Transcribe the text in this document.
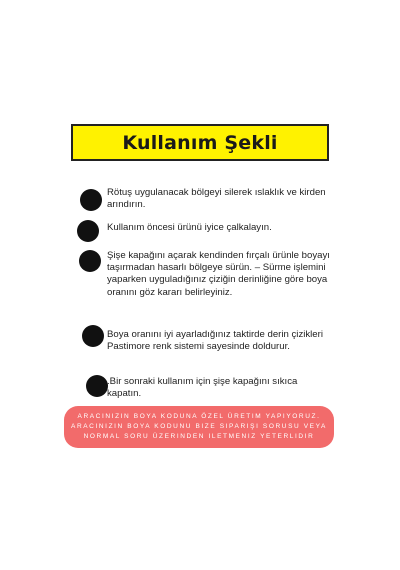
Kullanım Şekli
Rötuş uygulanacak bölgeyi silerek ıslaklık ve kirden arındırın.
Kullanım öncesi ürünü iyice çalkalayın.
Şişe kapağını açarak kendinden fırçalı ürünle boyayı taşırmadan hasarlı bölgeye sürün. – Sürme işlemini yaparken uyguladığınız çiziğin derinliğine göre boya oranını göz kararı belirleyiniz.
Boya oranını iyi ayarladığınız taktirde derin çizikleri Pastimore renk sistemi sayesinde doldurur.
.Bir sonraki kullanım için şişe kapağını sıkıca kapatın.
ARACINIZIN BOYA KODUNA ÖZEL ÜRETIM YAPIYORUZ. ARACINIZIN BOYA KODUNU BIZE SIPARIŞI SORUSU VEYA NORMAL SORU ÜZERINDEN ILETMENIZ YETERLIDIR
